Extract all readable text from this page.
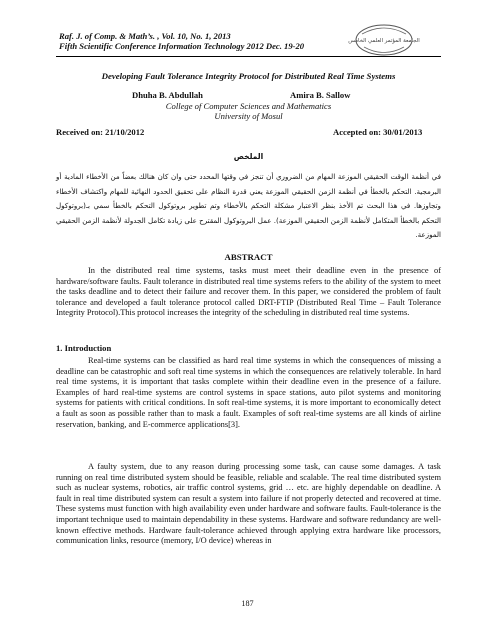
Raf. J. of Comp. & Math’s. , Vol. 10, No. 1, 2013
Fifth Scientific Conference Information Technology 2012 Dec. 19-20	الجامعة المؤتمر العلمي الخامس
Developing Fault Tolerance Integrity Protocol for Distributed Real Time Systems
Dhuha B. Abdullah	Amira B. Sallow
College of Computer Sciences and Mathematics
University of Mosul
Received on: 21/10/2012	Accepted on: 30/01/2013
الملخص
في أنظمة الوقت الحقيقي الموزعة المهام من الضروري أن تنجز في وقتها المحدد حتى وان كان هنالك بعضاً من الأخطاء المادية أو البرمجية. التحكم بالخطأ في أنظمة الزمن الحقيقي الموزعة يعني قدرة النظام على تحقيق الحدود النهائية للمهام واكتشاف الأخطاء وتجاوزها. في هذا البحث تم الأخذ بنظر الاعتبار مشكلة التحكم بالأخطاء وتم تطوير بروتوكول التحكم بالخطأ سمي بـ(بروتوكول التحكم بالخطأ المتكامل لأنظمة الزمن الحقيقي الموزعة). عمل البروتوكول المقترح على زيادة تكامل الجدولة لأنظمة الزمن الحقيقي الموزعة.
ABSTRACT
In the distributed real time systems, tasks must meet their deadline even in the presence of hardware/software faults. Fault tolerance in distributed real time systems refers to the ability of the system to meet the tasks deadline and to detect their failure and recover them. In this paper, we considered the problem of fault tolerance and developed a fault tolerance protocol called DRT-FTIP (Distributed Real Time – Fault Tolerance Integrity Protocol).This protocol increases the integrity of the scheduling in distributed real time systems.
1. Introduction
Real-time systems can be classified as hard real time systems in which the consequences of missing a deadline can be catastrophic and soft real time systems in which the consequences are relatively tolerable. In hard real time systems, it is important that tasks complete within their deadline even in the presence of a failure. Examples of hard real-time systems are control systems in space stations, auto pilot systems and monitoring systems for patients with critical conditions. In soft real-time systems, it is more important to economically detect a fault as soon as possible rather than to mask a fault. Examples of soft real-time systems are all kinds of airline reservation, banking, and E-commerce applications[3].
A faulty system, due to any reason during processing some task, can cause some damages. A task running on real time distributed system should be feasible, reliable and scalable. The real time distributed system such as nuclear systems, robotics, air traffic control systems, grid … etc. are highly dependable on deadline. A fault in real time distributed system can result a system into failure if not properly detected and recovered at time. These systems must function with high availability even under hardware and software faults. Fault-tolerance is the important technique used to maintain dependability in these systems. Hardware and software redundancy are well-known effective methods. Hardware fault-tolerance achieved through applying extra hardware like processors, communication links, resource (memory, I/O device) whereas in
187
